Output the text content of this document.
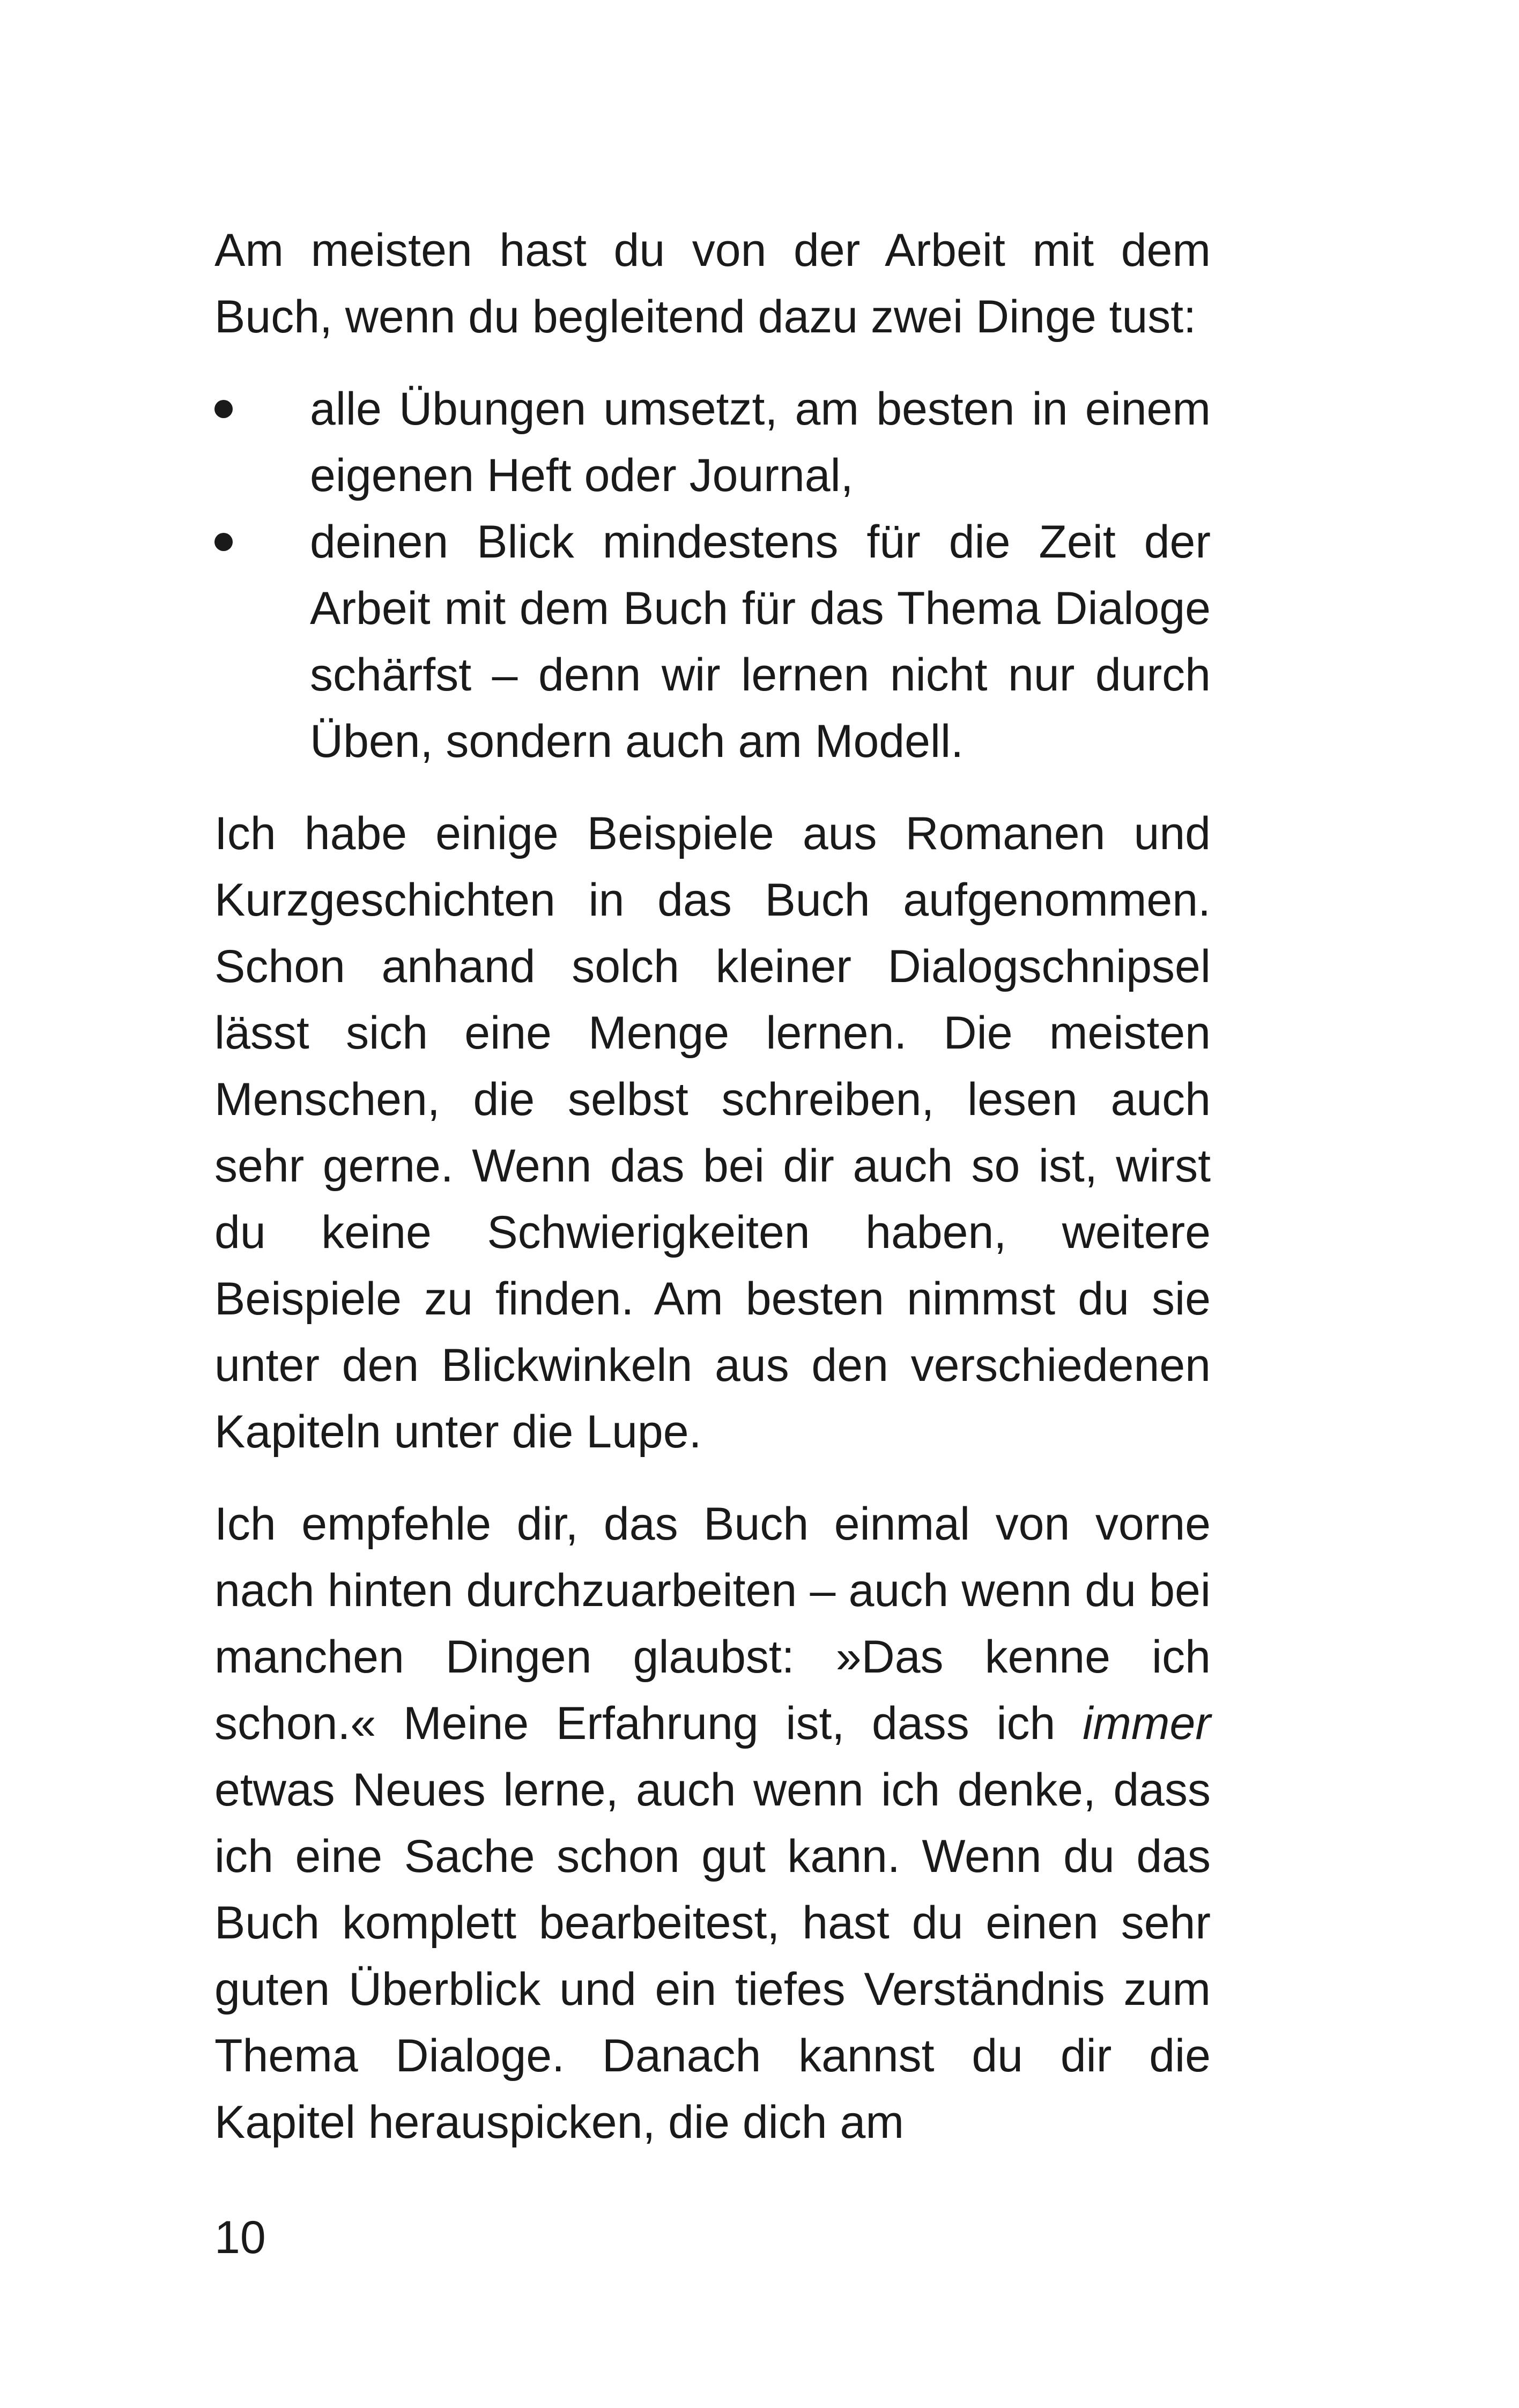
Am meisten hast du von der Arbeit mit dem Buch, wenn du begleitend dazu zwei Dinge tust:

alle Übungen umsetzt, am besten in einem eigenen Heft oder Journal,
deinen Blick mindestens für die Zeit der Arbeit mit dem Buch für das Thema Dialoge schärfst – denn wir lernen nicht nur durch Üben, sondern auch am Modell.

Ich habe einige Beispiele aus Romanen und Kurzgeschichten in das Buch aufgenommen. Schon anhand solch kleiner Dialogschnipsel lässt sich eine Menge lernen. Die meisten Menschen, die selbst schreiben, lesen auch sehr gerne. Wenn das bei dir auch so ist, wirst du keine Schwierigkeiten haben, weitere Beispiele zu finden. Am besten nimmst du sie unter den Blickwinkeln aus den verschiedenen Kapiteln unter die Lupe.

Ich empfehle dir, das Buch einmal von vorne nach hinten durchzuarbeiten – auch wenn du bei manchen Dingen glaubst: »Das kenne ich schon.« Meine Erfahrung ist, dass ich immer etwas Neues lerne, auch wenn ich denke, dass ich eine Sache schon gut kann. Wenn du das Buch komplett bearbeitest, hast du einen sehr guten Überblick und ein tiefes Verständnis zum Thema Dialoge. Danach kannst du dir die Kapitel herauspicken, die dich am

10
